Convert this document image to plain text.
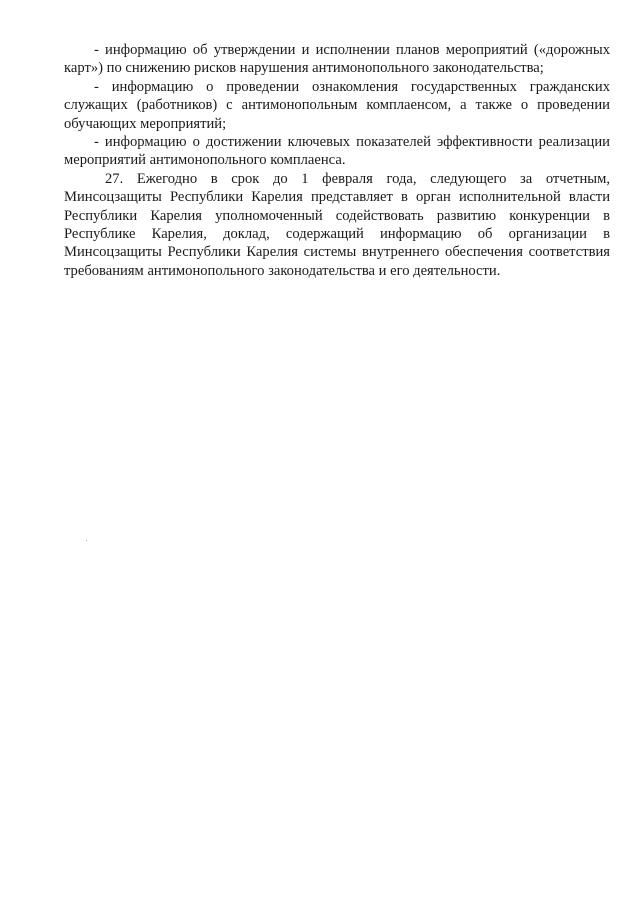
- информацию об утверждении и исполнении планов мероприятий («дорожных карт») по снижению рисков нарушения антимонопольного законодательства;

- информацию о проведении ознакомления государственных гражданских служащих (работников) с антимонопольным комплаенсом, а также о проведении обучающих мероприятий;

- информацию о достижении ключевых показателей эффективности реализации мероприятий антимонопольного комплаенса.

27. Ежегодно в срок до 1 февраля года, следующего за отчетным, Минсоцзащиты Республики Карелия представляет в орган исполнительной власти Республики Карелия уполномоченный содействовать развитию конкуренции в Республике Карелия, доклад, содержащий информацию об организации в Минсоцзащиты Республики Карелия системы внутреннего обеспечения соответствия требованиям антимонопольного законодательства и его деятельности.
